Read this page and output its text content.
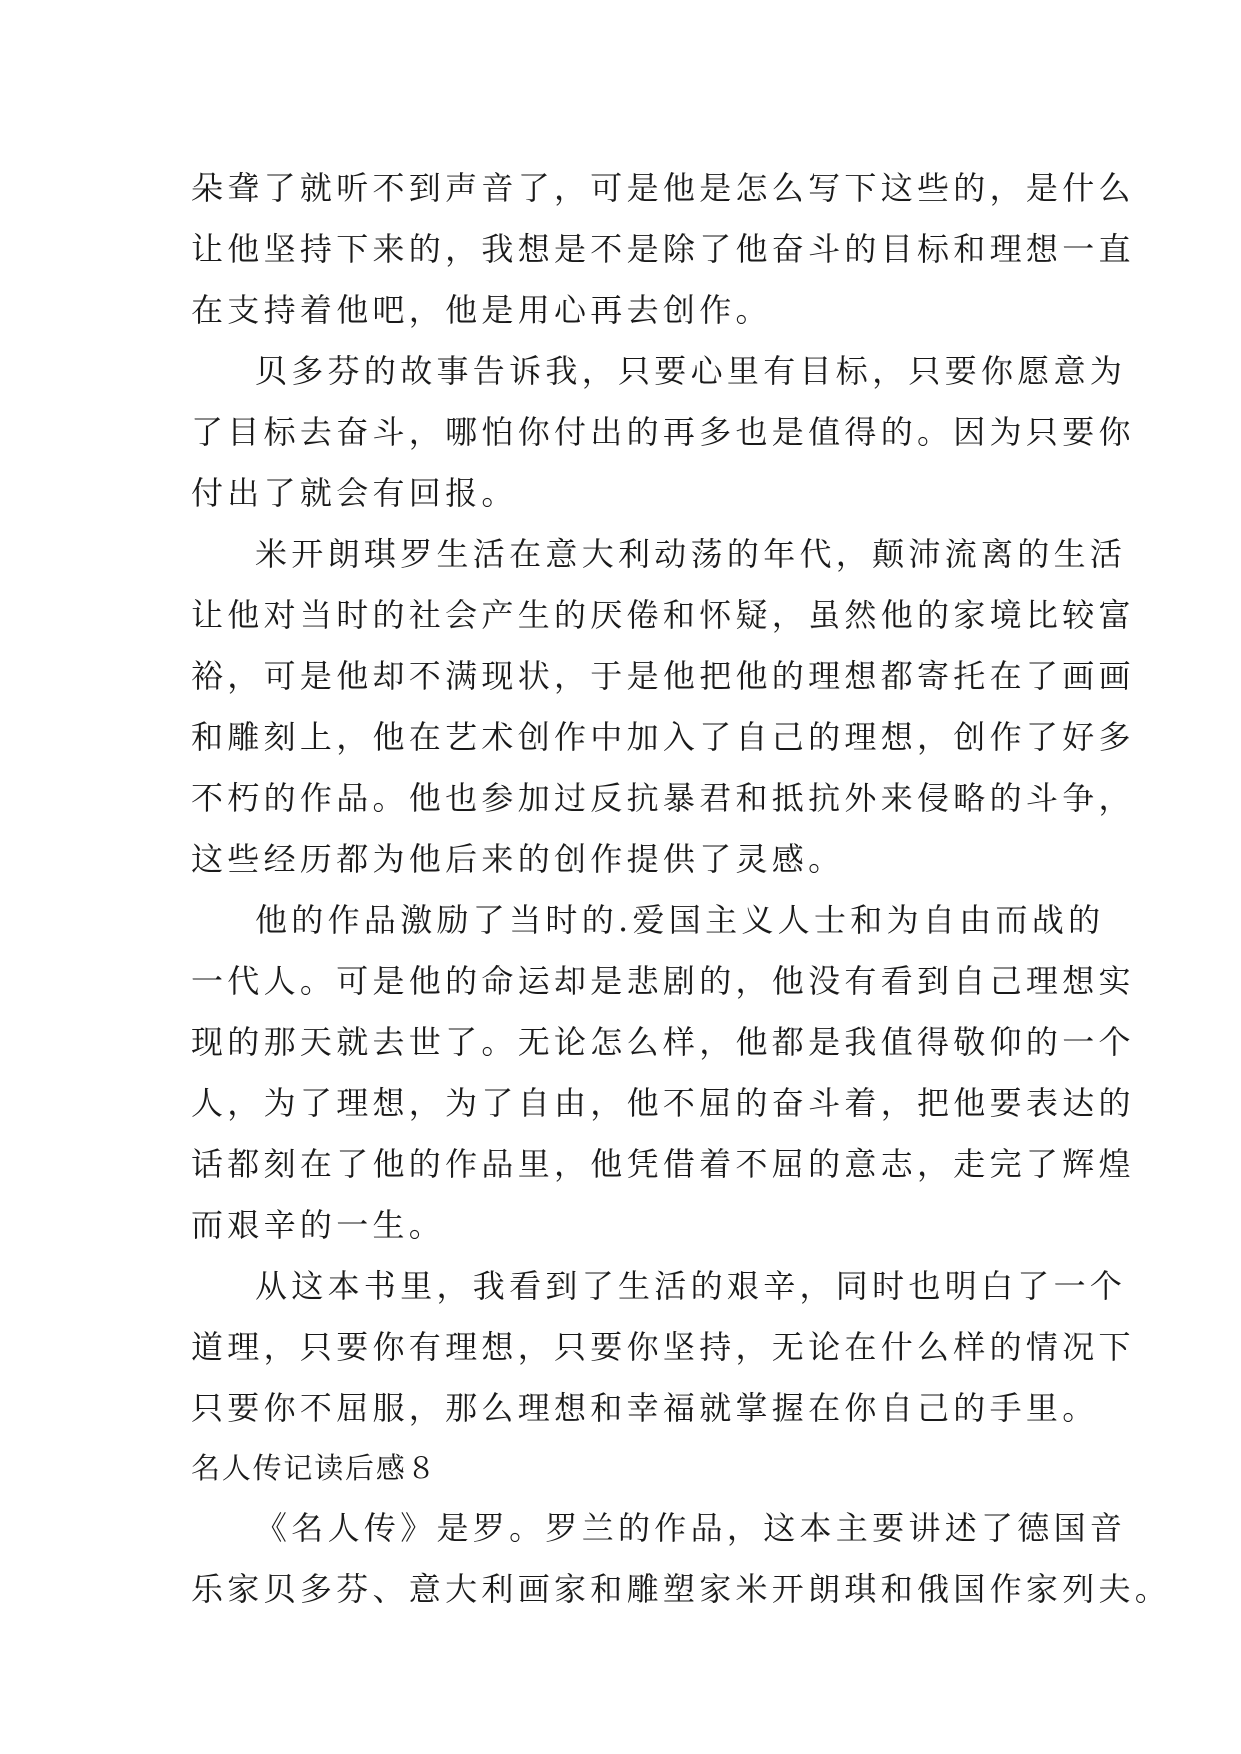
朵聋了就听不到声音了，可是他是怎么写下这些的，是什么
让他坚持下来的，我想是不是除了他奋斗的目标和理想一直
在支持着他吧，他是用心再去创作。
贝多芬的故事告诉我，只要心里有目标，只要你愿意为
了目标去奋斗，哪怕你付出的再多也是值得的。因为只要你
付出了就会有回报。
米开朗琪罗生活在意大利动荡的年代，颠沛流离的生活
让他对当时的社会产生的厌倦和怀疑，虽然他的家境比较富
裕，可是他却不满现状，于是他把他的理想都寄托在了画画
和雕刻上，他在艺术创作中加入了自己的理想，创作了好多
不朽的作品。他也参加过反抗暴君和抵抗外来侵略的斗争，
这些经历都为他后来的创作提供了灵感。
他的作品激励了当时的.爱国主义人士和为自由而战的
一代人。可是他的命运却是悲剧的，他没有看到自己理想实
现的那天就去世了。无论怎么样，他都是我值得敬仰的一个
人，为了理想，为了自由，他不屈的奋斗着，把他要表达的
话都刻在了他的作品里，他凭借着不屈的意志，走完了辉煌
而艰辛的一生。
从这本书里，我看到了生活的艰辛，同时也明白了一个
道理，只要你有理想，只要你坚持，无论在什么样的情况下
只要你不屈服，那么理想和幸福就掌握在你自己的手里。
名人传记读后感８
《名人传》是罗。罗兰的作品，这本主要讲述了德国音
乐家贝多芬、意大利画家和雕塑家米开朗琪和俄国作家列夫。
